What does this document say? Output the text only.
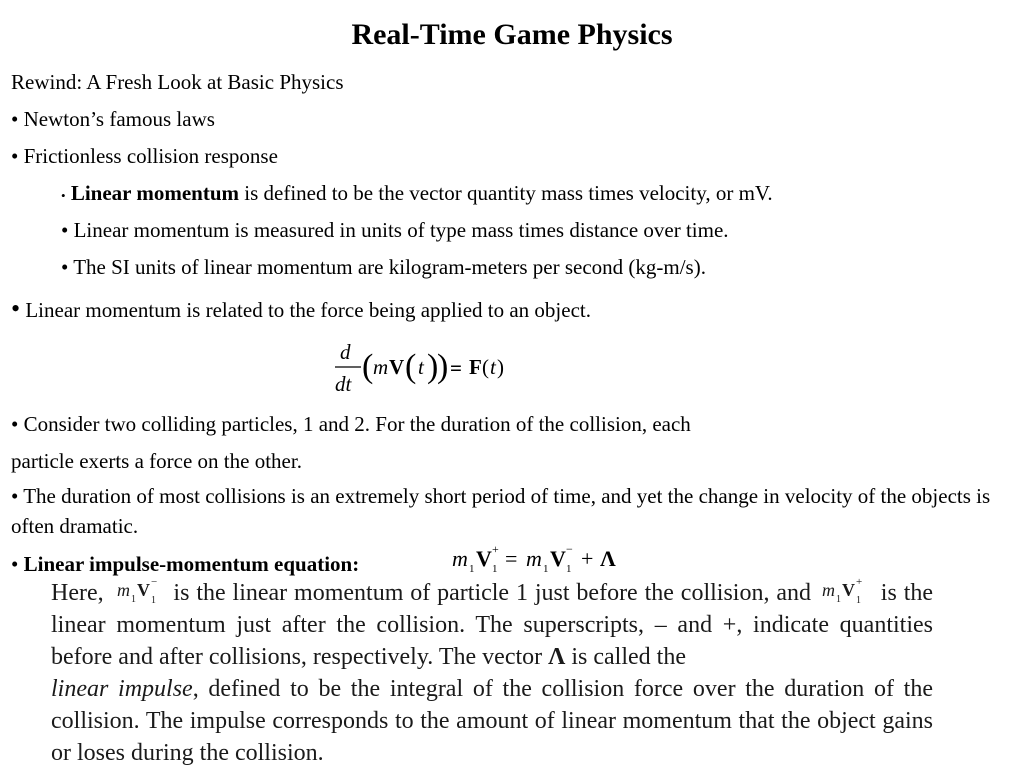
Real-Time Game Physics
Rewind: A Fresh Look at Basic Physics
• Newton’s famous laws
• Frictionless collision response
• Linear momentum is defined to be the vector quantity mass times velocity, or mV.
• Linear momentum is measured in units of type mass times distance over time.
• The SI units of linear momentum are kilogram-meters per second (kg-m/s).
• Linear momentum is related to the force being applied to an object.
d
dt ( m V ( t )
) = F ( t )
• Consider two colliding particles, 1 and 2. For the duration of the collision, each
particle exerts a force on the other.
• The duration of most collisions is an extremely short period of time, and yet the change in velocity of the objects is often dramatic.
• Linear impulse-momentum equation:	m 1 V +
1 = m 1 V −
1 + Λ
Here, m 1 V −
1 is the linear momentum of particle 1 just before the collision, and m 1 V +
1 is the linear momentum just after the collision. The superscripts, – and +, indicate quantities before and after collisions, respectively. The vector Λ is called the
linear impulse, defined to be the integral of the collision force over the duration of the collision. The impulse corresponds to the amount of linear momentum that the object gains or loses during the collision.
